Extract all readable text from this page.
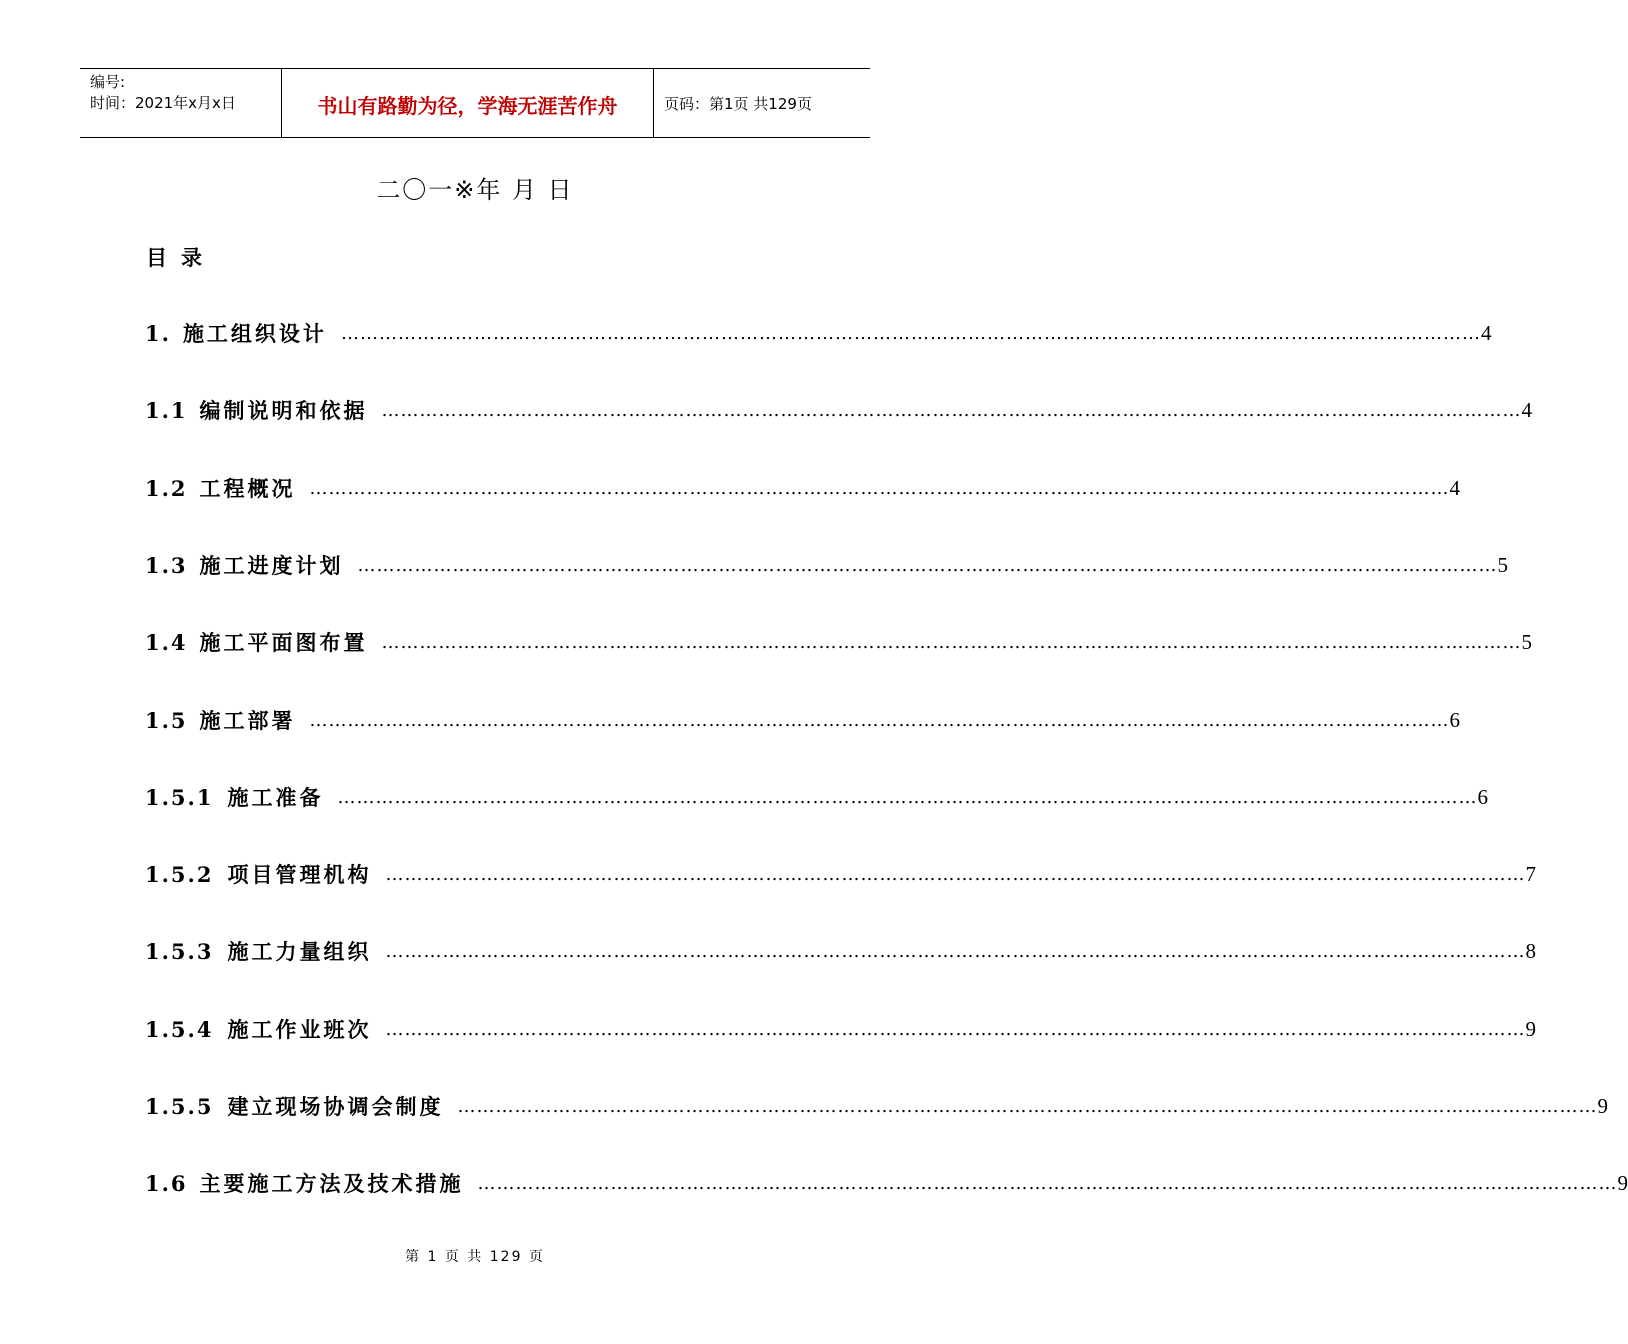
编号:
时间：2021年x月x日	书山有路勤为径，学海无涯苦作舟	页码：第1页 共129页
二〇一※年 月 日
目录
1. 施工组织设计 ……………………………………………………………………………………………………………………………………………………………… 4
1.1 编制说明和依据 ……………………………………………………………………………………………………………………………………………………………… 4
1.2 工程概况 ……………………………………………………………………………………………………………………………………………………………… 4
1.3 施工进度计划 ……………………………………………………………………………………………………………………………………………………………… 5
1.4 施工平面图布置 ……………………………………………………………………………………………………………………………………………………………… 5
1.5 施工部署 ……………………………………………………………………………………………………………………………………………………………… 6
1.5.1 施工准备 ……………………………………………………………………………………………………………………………………………………………… 6
1.5.2 项目管理机构 ……………………………………………………………………………………………………………………………………………………………… 7
1.5.3 施工力量组织 ……………………………………………………………………………………………………………………………………………………………… 8
1.5.4 施工作业班次 ……………………………………………………………………………………………………………………………………………………………… 9
1.5.5 建立现场协调会制度 ……………………………………………………………………………………………………………………………………………………………… 9
1.6 主要施工方法及技术措施 ……………………………………………………………………………………………………………………………………………………………… 9
第 1 页 共 129 页
